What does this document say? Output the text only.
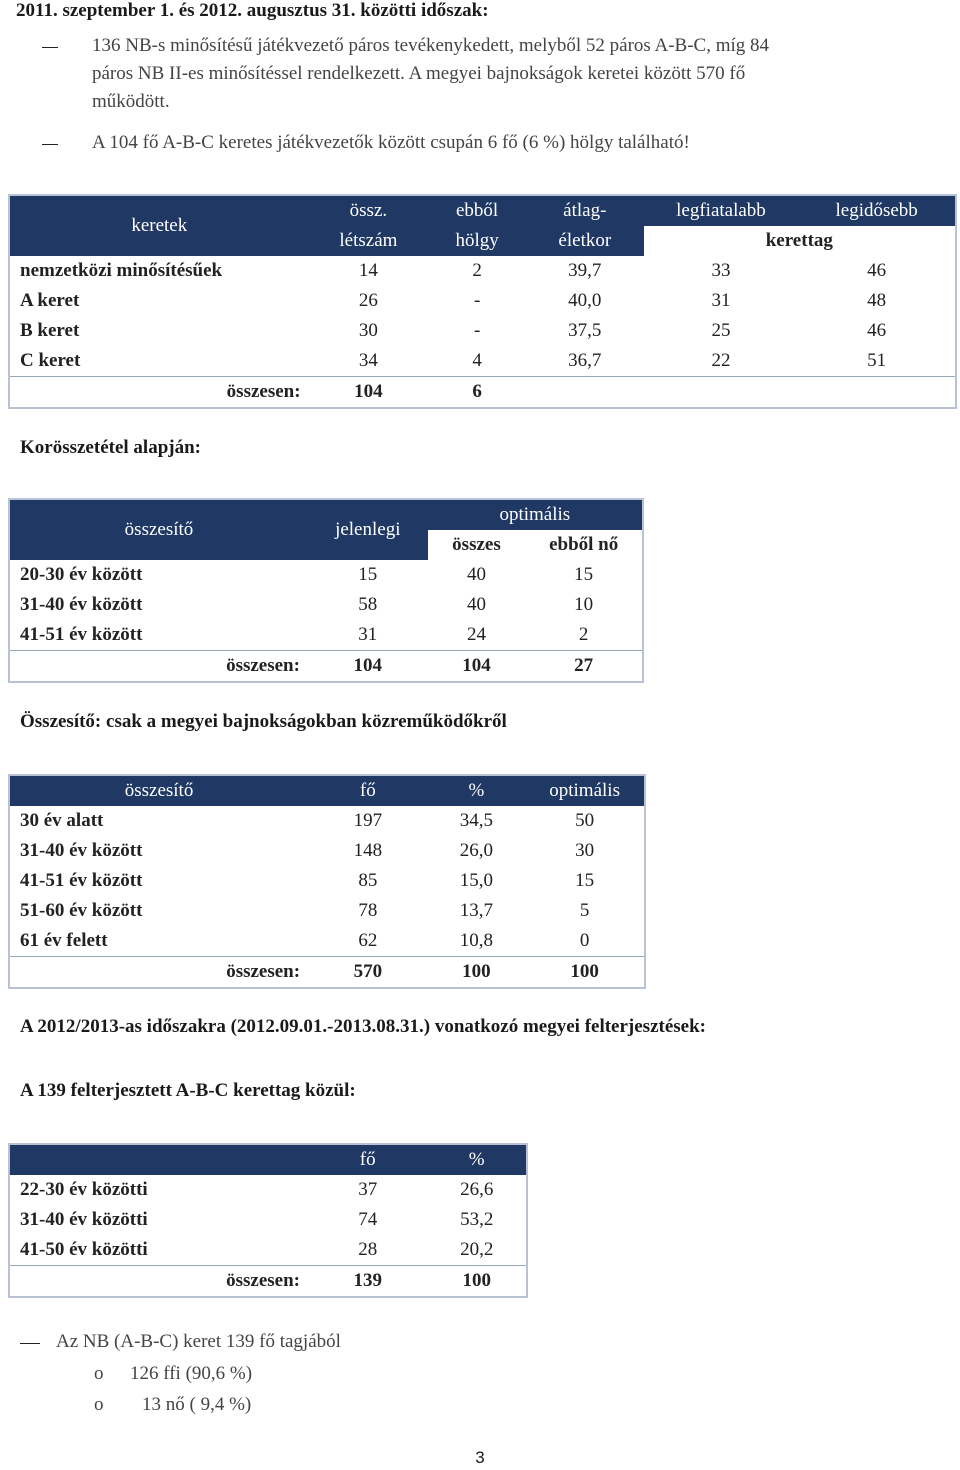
2011. szeptember 1. és 2012. augusztus 31. közötti időszak:
136 NB-s minősítésű játékvezető páros tevékenykedett, melyből 52 páros A-B-C, míg 84
páros NB II-es minősítéssel rendelkezett. A megyei bajnokságok keretei között 570 fő
működött.
A 104 fő A-B-C keretes játékvezetők között csupán 6 fő (6 %) hölgy található!
keretek	össz.	ebből	átlag-	legfiatalabb	legidősebb
	létszám	hölgy	életkor	kerettag	
nemzetközi minősítésűek	14	2	39,7	33	46
A keret	26	-	40,0	31	48
B keret	30	-	37,5	25	46
C keret	34	4	36,7	22	51
összesen:	104	6			
Korösszetétel alapján:
összesítő	jelenlegi	optimális	
		összes	ebből nő
20-30 év között	15	40	15
31-40 év között	58	40	10
41-51 év között	31	24	2
összesen:	104	104	27
Összesítő: csak a megyei bajnokságokban közreműködőkről
összesítő	fő	%	optimális
30 év alatt	197	34,5	50
31-40 év között	148	26,0	30
41-51 év között	85	15,0	15
51-60 év között	78	13,7	5
61 év felett	62	10,8	0
összesen:	570	100	100
A 2012/2013-as időszakra (2012.09.01.-2013.08.31.) vonatkozó megyei felterjesztések:
A 139 felterjesztett A-B-C kerettag közül:
	fő	%
22-30 év közötti	37	26,6
31-40 év közötti	74	53,2
41-50 év közötti	28	20,2
összesen:	139	100
Az NB (A-B-C) keret 139 fő tagjából
o 126 ffi (90,6 %)
o 13 nő ( 9,4 %)
3
